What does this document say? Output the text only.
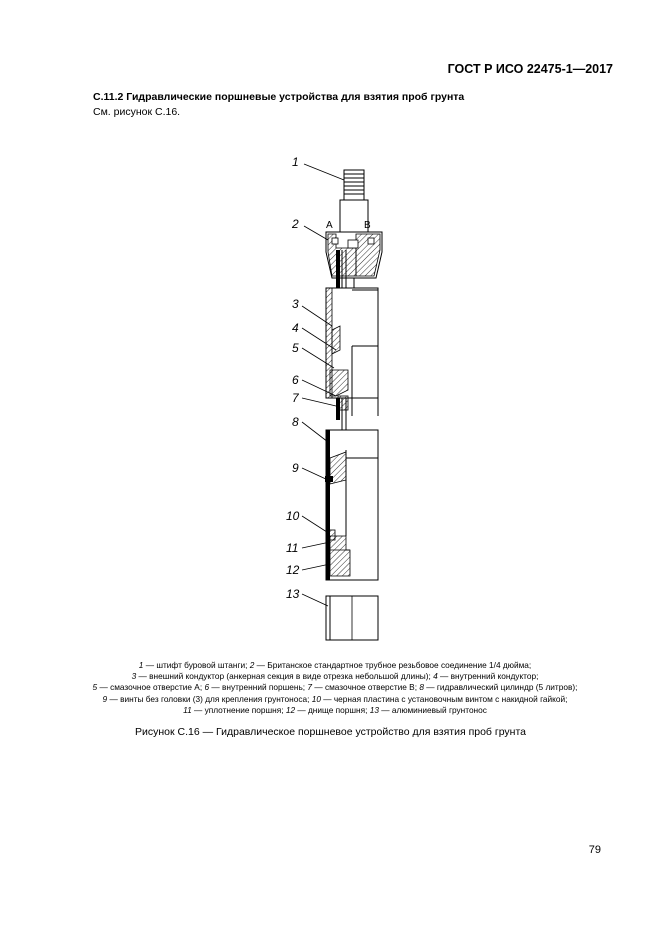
ГОСТ Р ИСО 22475-1—2017
C.11.2 Гидравлические поршневые устройства для взятия проб грунта
См. рисунок С.16.
1
2
3
4
5
6
7
8
9
10
11
12
13
A	B
1 — штифт буровой штанги; 2 — Британское стандартное трубное резьбовое соединение 1/4 дюйма;
3 — внешний кондуктор (анкерная секция в виде отрезка небольшой длины); 4 — внутренний кондуктор;
5 — смазочное отверстие А; 6 — внутренний поршень; 7 — смазочное отверстие B; 8 — гидравлический цилиндр (5 литров);
9 — винты без головки (3) для крепления грунтоноса; 10 — черная пластина с установочным винтом с накидной гайкой;
11 — уплотнение поршня; 12 — днище поршня; 13 — алюминиевый грунтонос
Рисунок С.16 — Гидравлическое поршневое устройство для взятия проб грунта
79
